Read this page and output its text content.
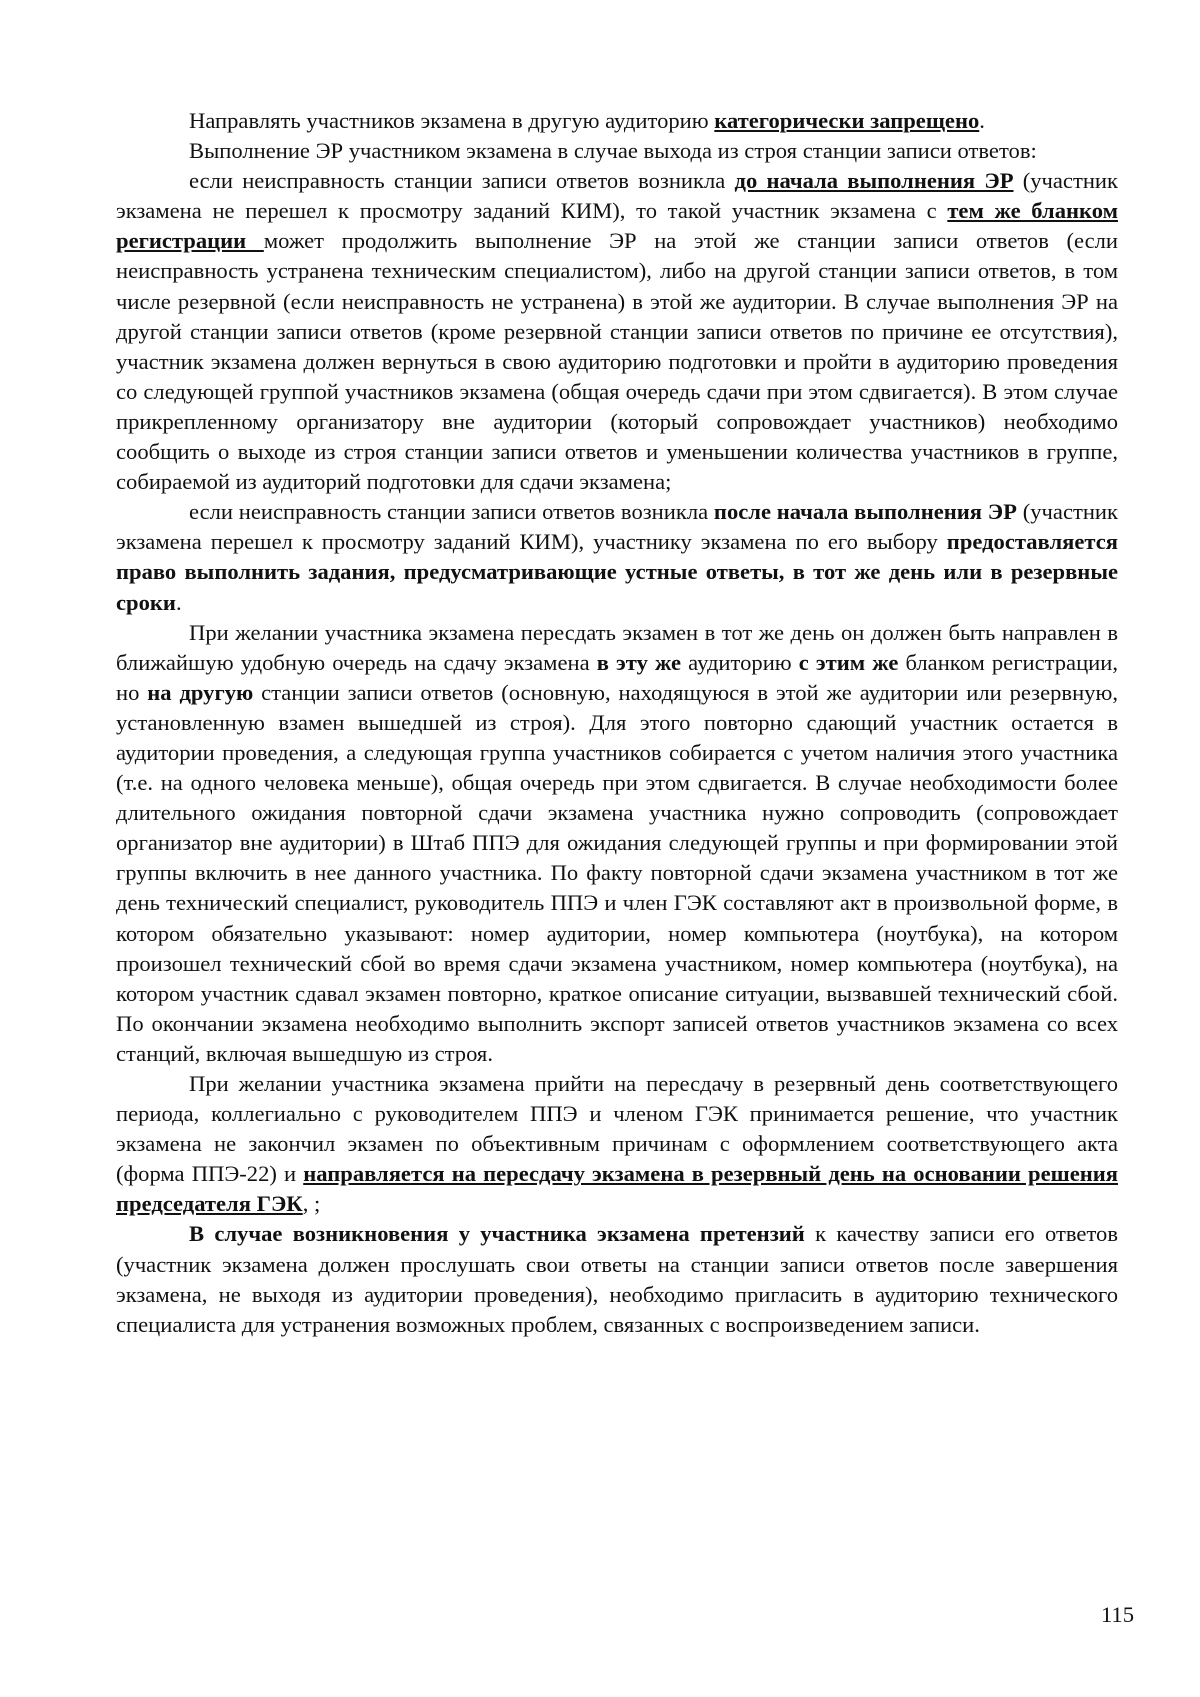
Направлять участников экзамена в другую аудиторию категорически запрещено.

Выполнение ЭР участником экзамена в случае выхода из строя станции записи ответов:

если неисправность станции записи ответов возникла до начала выполнения ЭР (участник экзамена не перешел к просмотру заданий КИМ), то такой участник экзамена с тем же бланком регистрации может продолжить выполнение ЭР на этой же станции записи ответов (если неисправность устранена техническим специалистом), либо на другой станции записи ответов, в том числе резервной (если неисправность не устранена) в этой же аудитории. В случае выполнения ЭР на другой станции записи ответов (кроме резервной станции записи ответов по причине ее отсутствия), участник экзамена должен вернуться в свою аудиторию подготовки и пройти в аудиторию проведения со следующей группой участников экзамена (общая очередь сдачи при этом сдвигается). В этом случае прикрепленному организатору вне аудитории (который сопровождает участников) необходимо сообщить о выходе из строя станции записи ответов и уменьшении количества участников в группе, собираемой из аудиторий подготовки для сдачи экзамена;

если неисправность станции записи ответов возникла после начала выполнения ЭР (участник экзамена перешел к просмотру заданий КИМ), участнику экзамена по его выбору предоставляется право выполнить задания, предусматривающие устные ответы, в тот же день или в резервные сроки.

При желании участника экзамена пересдать экзамен в тот же день он должен быть направлен в ближайшую удобную очередь на сдачу экзамена в эту же аудиторию с этим же бланком регистрации, но на другую станции записи ответов (основную, находящуюся в этой же аудитории или резервную, установленную взамен вышедшей из строя). Для этого повторно сдающий участник остается в аудитории проведения, а следующая группа участников собирается с учетом наличия этого участника (т.е. на одного человека меньше), общая очередь при этом сдвигается. В случае необходимости более длительного ожидания повторной сдачи экзамена участника нужно сопроводить (сопровождает организатор вне аудитории) в Штаб ППЭ для ожидания следующей группы и при формировании этой группы включить в нее данного участника. По факту повторной сдачи экзамена участником в тот же день технический специалист, руководитель ППЭ и член ГЭК составляют акт в произвольной форме, в котором обязательно указывают: номер аудитории, номер компьютера (ноутбука), на котором произошел технический сбой во время сдачи экзамена участником, номер компьютера (ноутбука), на котором участник сдавал экзамен повторно, краткое описание ситуации, вызвавшей технический сбой. По окончании экзамена необходимо выполнить экспорт записей ответов участников экзамена со всех станций, включая вышедшую из строя.

При желании участника экзамена прийти на пересдачу в резервный день соответствующего периода, коллегиально с руководителем ППЭ и членом ГЭК принимается решение, что участник экзамена не закончил экзамен по объективным причинам с оформлением соответствующего акта (форма ППЭ-22) и направляется на пересдачу экзамена в резервный день на основании решения председателя ГЭК, ;

В случае возникновения у участника экзамена претензий к качеству записи его ответов (участник экзамена должен прослушать свои ответы на станции записи ответов после завершения экзамена, не выходя из аудитории проведения), необходимо пригласить в аудиторию технического специалиста для устранения возможных проблем, связанных с воспроизведением записи.

115
